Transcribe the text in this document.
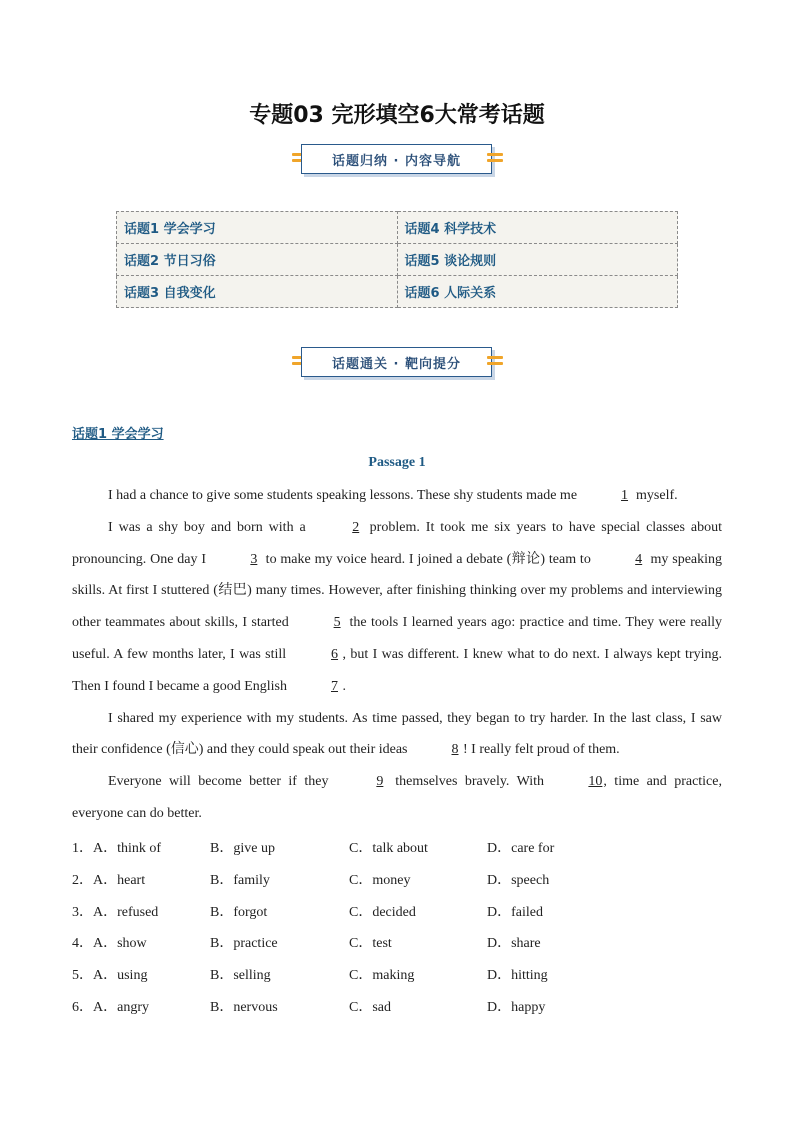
专题03 完形填空6大常考话题
话题归纳 · 内容导航
话题1 学会学习	话题4 科学技术
话题2 节日习俗	话题5 谈论规则
话题3 自我变化	话题6 人际关系
话题通关 · 靶向提分
话题1 学会学习
Passage 1

I had a chance to give some students speaking lessons. These shy students made me	1 myself.

I was a shy boy and born with a	2 problem. It took me six years to have special classes about pronouncing. One day I	3 to make my voice heard. I joined a debate (辩论) team to	4 my speaking skills. At first I stuttered (结巴) many times. However, after finishing thinking over my problems and interviewing other teammates about skills, I started	5 the tools I learned years ago: practice and time. They were really useful. A few months later, I was still	6 , but I was different. I knew what to do next. I always kept trying. Then I found I became a good English	7 .

I shared my experience with my students. As time passed, they began to try harder. In the last class, I saw their confidence (信心) and they could speak out their ideas	8 ! I really felt proud of them.

Everyone will become better if they	9 themselves bravely. With	10, time and practice, everyone can do better.

1．A．think of	B．give up	C．talk about	D．care for
2．A．heart	B．family	C．money	D．speech
3．A．refused	B．forgot	C．decided	D．failed
4．A．show	B．practice	C．test	D．share
5．A．using	B．selling	C．making	D．hitting
6．A．angry	B．nervous	C．sad	D．happy
